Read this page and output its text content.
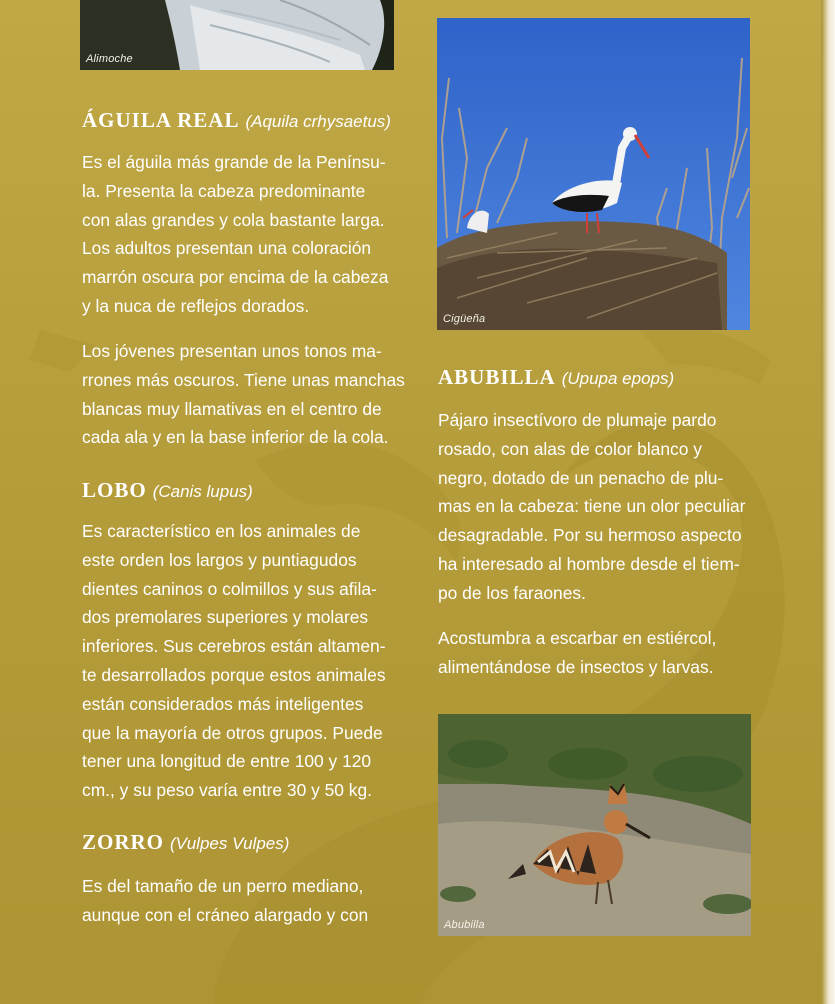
Alimoche
Cigüeña
Abubilla
ÁGUILA REAL (Aquila crhysaetus)

Es el águila más grande de la Penínsu-
la. Presenta la cabeza predominante
con alas grandes y cola bastante larga.
Los adultos presentan una coloración
marrón oscura por encima de la cabeza
y la nuca de reflejos dorados.

Los jóvenes presentan unos tonos ma-
rrones más oscuros. Tiene unas manchas
blancas muy llamativas en el centro de
cada ala y en la base inferior de la cola.

LOBO (Canis lupus)

Es característico en los animales de
este orden los largos y puntiagudos
dientes caninos o colmillos y sus afila-
dos premolares superiores y molares
inferiores. Sus cerebros están altamen-
te desarrollados porque estos animales
están considerados más inteligentes
que la mayoría de otros grupos. Puede
tener una longitud de entre 100 y 120
cm., y su peso varía entre 30 y 50 kg.

ZORRO (Vulpes Vulpes)

Es del tamaño de un perro mediano,
aunque con el cráneo alargado y con

ABUBILLA (Upupa epops)

Pájaro insectívoro de plumaje pardo
rosado, con alas de color blanco y
negro, dotado de un penacho de plu-
mas en la cabeza: tiene un olor peculiar
desagradable. Por su hermoso aspecto
ha interesado al hombre desde el tiem-
po de los faraones.

Acostumbra a escarbar en estiércol,
alimentándose de insectos y larvas.
